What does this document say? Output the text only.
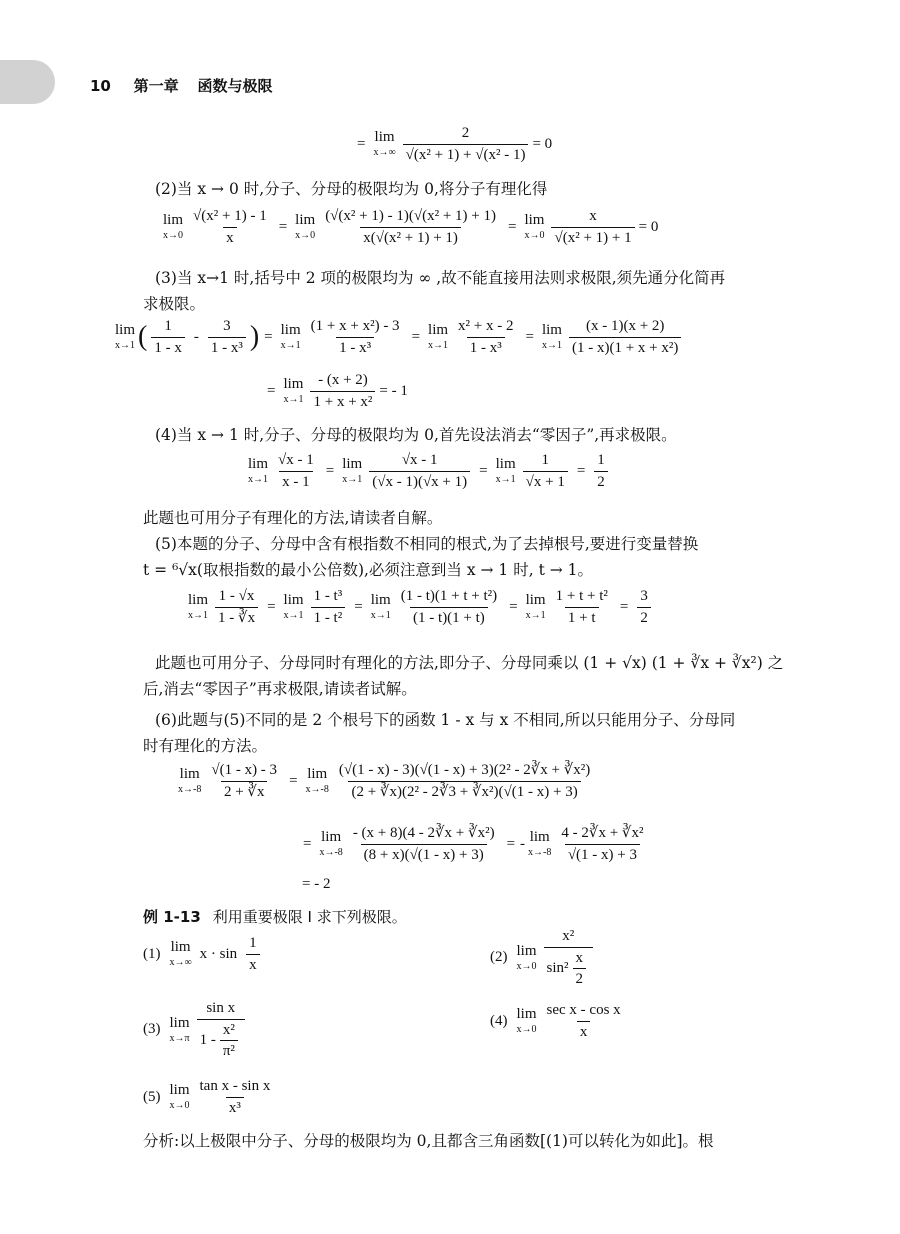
10 第一章 函数与极限
= lim
$x\to\infty \frac{2}{\text{√(x² + 1) + √(x² - 1)}} = 0$
(2)当 x → 0 时,分子、分母的极限均为 0,将分子有理化得
lim
$x\to 0 \frac{\text{√(x² + 1) - 1}}{x} = \lim$
$x\to 0 \frac{\text{(√(x² + 1) - 1)(√(x² + 1) + 1)}}{\text{x(√(x² + 1) + 1)}} = \lim$
$x\to 0 \frac{x}{\text{√(x² + 1) + 1}} = 0$
(3)当 x→1 时,括号中 2 项的极限均为 ∞ ,故不能直接用法则求极限,须先通分化简再
求极限。
lim
x→1 ( 1
1 - x
-
3
1 - x³ ) = lim
$x\to 1 \frac{\text{(1 + x + x²) - 3}}{\text{1 - x³}} = \lim$
$x\to 1 \frac{\text{x² + x - 2}}{\text{1 - x³}} = \lim$
x→1
(x - 1)(x + 2)
(1 - x)(1 + x + x²)
= lim
$x\to 1 \frac{- (x + 2)}{\text{1 + x + x²}}$ = - 1
(4)当 x → 1 时,分子、分母的极限均为 0,首先设法消去“零因子”,再求极限。
lim
$x\to 1 \frac{√x - 1}{x - 1} = \lim$
$x\to 1 \frac{√x - 1}{(√x - 1)(√x + 1)} = \lim$
$x\to 1 \frac{1}{√x + 1} = \frac{1}{2}$
此题也可用分子有理化的方法,请读者自解。
(5)本题的分子、分母中含有根指数不相同的根式,为了去掉根号,要进行变量替换
t = ⁶√x(取根指数的最小公倍数),必须注意到当 x → 1 时, t → 1。
lim
$x\to 1 \frac{1 - √x}{1 - ∛x} = \lim$
$x\to 1 \frac{\text{1 - t³}}{\text{1 - t²}} = \lim$
$x\to 1 \frac{\text{(1 - t)(1 + t + t²)}}{(1 - t)(1 + t)} = \lim$
$x\to 1 \frac{\text{1 + t + t²}}{1 + t} = \frac{3}{2}$
此题也可用分子、分母同时有理化的方法,即分子、分母同乘以 (1 + √x) (1 + ∛x + ∛x²) 之
后,消去“零因子”再求极限,请读者试解。
(6)此题与(5)不同的是 2 个根号下的函数 1 - x 与 x 不相同,所以只能用分子、分母同
时有理化的方法。
lim
$x\to-8 \frac{√(1 - x) - 3}{2 + ∛x} = \lim$
x→-8
(√(1 - x) - 3)(√(1 - x) + 3)(2² - 2∛x + ∛x²)
(2 + ∛x)(2² - 2∛3 + ∛x²)(√(1 - x) + 3)
= lim
$x\to-8 \frac{\text{- (x + 8)(4 - 2∛x + ∛x²)}}{(8 + x)(√(1 - x) + 3)}$ = - lim
x→-8
4 - 2∛x + ∛x²
√(1 - x) + 3
= - 2
例 1-13 利用重要极限 Ⅰ 求下列极限。
(1) lim
x→∞
x · sin
1
x	(2) lim
x→0
x²
sin²
x
2
(3) lim
x→π
sin x
1 -
x²
π²
(4) lim
x→0
sec x - cos x
x
(5) lim
x→0
tan x - sin x
x³
分析:以上极限中分子、分母的极限均为 0,且都含三角函数[(1)可以转化为如此]。根
